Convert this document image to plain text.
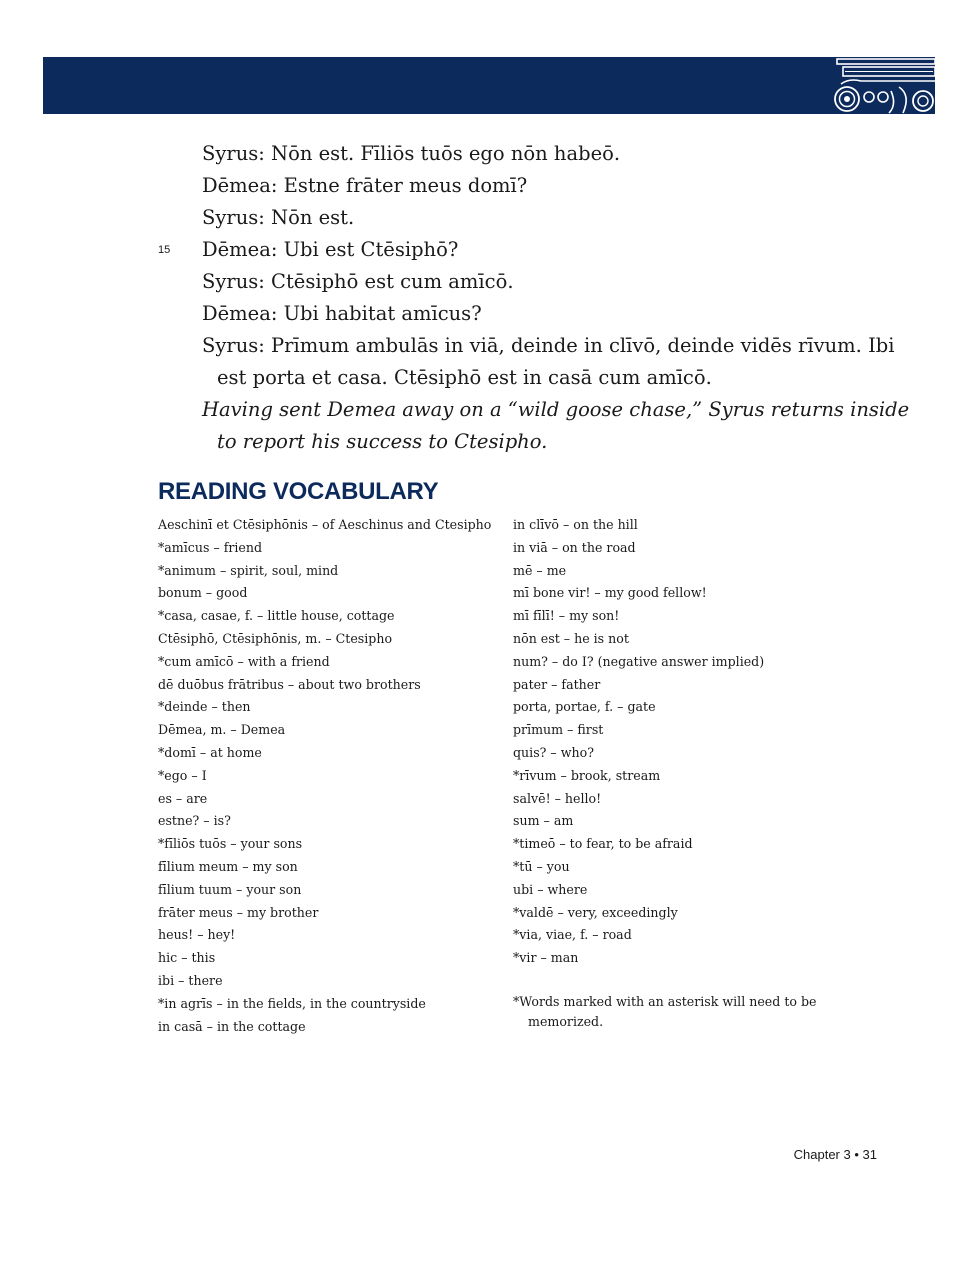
Syrus: Nōn est. Fīliōs tuōs ego nōn habeō.
Dēmea: Estne frāter meus domī?
Syrus: Nōn est.
15 Dēmea: Ubi est Ctēsiphō?
Syrus: Ctēsiphō est cum amīcō.
Dēmea: Ubi habitat amīcus?
Syrus: Prīmum ambulās in viā, deinde in clīvō, deinde vidēs rīvum. Ibi
est porta et casa. Ctēsiphō est in casā cum amīcō.
Having sent Demea away on a “wild goose chase,” Syrus returns inside
to report his success to Ctesipho.
READING VOCABULARY
Aeschinī et Ctēsiphōnis – of Aeschinus and Ctesipho
*amīcus – friend
*animum – spirit, soul, mind
bonum – good
*casa, casae, f. – little house, cottage
Ctēsiphō, Ctēsiphōnis, m. – Ctesipho
*cum amīcō – with a friend
dē duōbus frātribus – about two brothers
*deinde – then
Dēmea, m. – Demea
*domī – at home
*ego – I
es – are
estne? – is?
*fīliōs tuōs – your sons
fīlium meum – my son
fīlium tuum – your son
frāter meus – my brother
heus! – hey!
hic – this
ibi – there
*in agrīs – in the fields, in the countryside
in casā – in the cottage
in clīvō – on the hill
in viā – on the road
mē – me
mī bone vir! – my good fellow!
mī fīlī! – my son!
nōn est – he is not
num? – do I? (negative answer implied)
pater – father
porta, portae, f. – gate
prīmum – first
quis? – who?
*rīvum – brook, stream
salvē! – hello!
sum – am
*timeō – to fear, to be afraid
*tū – you
ubi – where
*valdē – very, exceedingly
*via, viae, f. – road
*vir – man
*Words marked with an asterisk will need to be memorized.
Chapter 3 • 31
